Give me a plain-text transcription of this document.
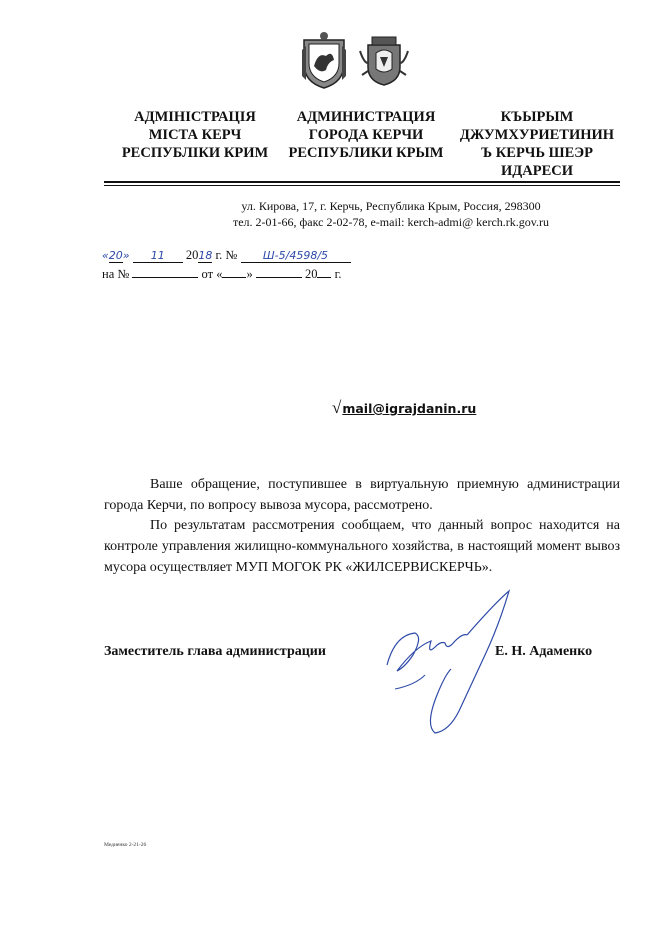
АДМІНІСТРАЦІЯ
МІСТА КЕРЧ
РЕСПУБЛІКИ КРИМ
АДМИНИСТРАЦИЯ
ГОРОДА КЕРЧИ
РЕСПУБЛИКИ КРЫМ
КЪЫРЫМ
ДЖУМХУРИЕТИНИН
Ъ КЕРЧЬ ШЕЭР
ИДАРЕСИ
ул. Кирова, 17, г. Керчь, Республика Крым, Россия, 298300
тел. 2-01-66, факс 2-02-78, e-mail: kerch-admi@ kerch.rk.gov.ru
«20» 11 2018 г. № Ш-5/4598/5
на №	от « »	20 г.
√mail@igrajdanin.ru
Ваше обращение, поступившее в виртуальную приемную администрации города Керчи, по вопросу вывоза мусора, рассмотрено.
По результатам рассмотрения сообщаем, что данный вопрос находится на контроле управления жилищно-коммунального хозяйства, в настоящий момент вывоз мусора осуществляет МУП МОГОК РК «ЖИЛСЕРВИСКЕРЧЬ».
Заместитель глава администрации	Е. Н. Адаменко
Медиенко 2-21-26
